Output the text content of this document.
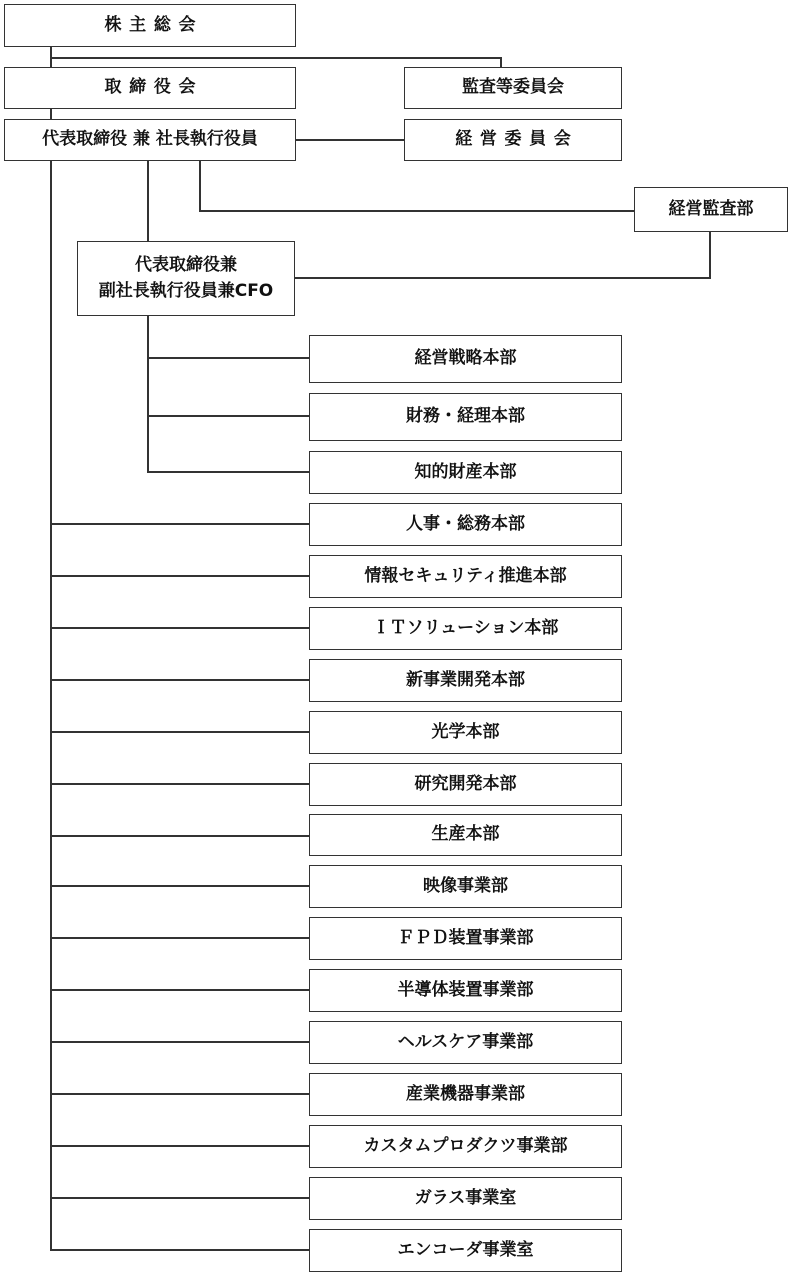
株主総会
取締役会	監査等委員会
代表取締役 兼 社長執行役員	経営委員会
経営監査部
代表取締役兼
副社長執行役員兼CFO
経営戦略本部
財務・経理本部
知的財産本部
人事・総務本部
情報セキュリティ推進本部
ＩＴソリューション本部
新事業開発本部
光学本部
研究開発本部
生産本部
映像事業部
ＦＰＤ装置事業部
半導体装置事業部
ヘルスケア事業部
産業機器事業部
カスタムプロダクツ事業部
ガラス事業室
エンコーダ事業室
